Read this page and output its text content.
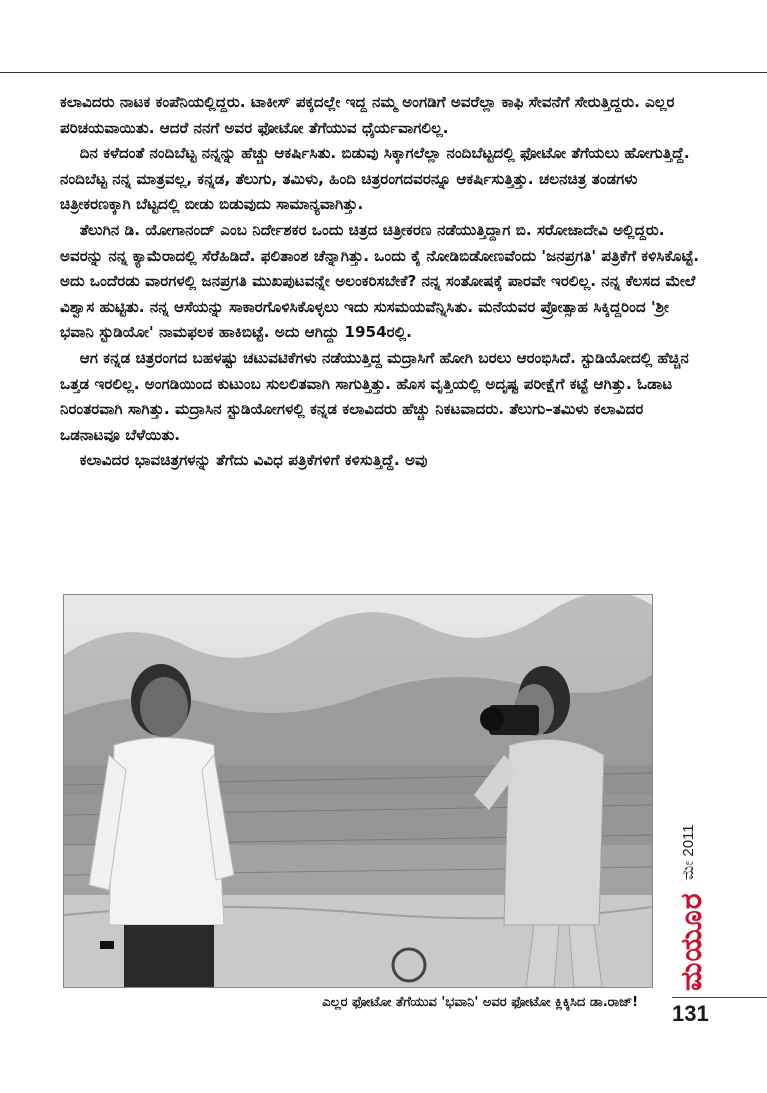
ಕಲಾವಿದರು ನಾಟಕ ಕಂಪೆನಿಯಲ್ಲಿದ್ದರು. ಟಾಕೀಸ್ ಪಕ್ಕದಲ್ಲೇ ಇದ್ದ ನಮ್ಮ ಅಂಗಡಿಗೆ ಅವರೆಲ್ಲಾ ಕಾಫಿ ಸೇವನೆಗೆ ಸೇರುತ್ತಿದ್ದರು. ಎಲ್ಲರ ಪರಿಚಯವಾಯಿತು. ಆದರೆ ನನಗೆ ಅವರ ಫೋಟೋ ತೆಗೆಯುವ ಧೈರ್ಯವಾಗಲಿಲ್ಲ.

ದಿನ ಕಳೆದಂತೆ ನಂದಿಬೆಟ್ಟ ನನ್ನನ್ನು ಹೆಚ್ಚು ಆಕರ್ಷಿಸಿತು. ಬಿಡುವು ಸಿಕ್ಕಾಗಲೆಲ್ಲಾ ನಂದಿಬೆಟ್ಟದಲ್ಲಿ ಫೋಟೋ ತೆಗೆಯಲು ಹೋಗುತ್ತಿದ್ದೆ. ನಂದಿಬೆಟ್ಟ ನನ್ನ ಮಾತ್ರವಲ್ಲ, ಕನ್ನಡ, ತೆಲುಗು, ತಮಿಳು, ಹಿಂದಿ ಚಿತ್ರರಂಗದವರನ್ನೂ ಆಕರ್ಷಿಸುತ್ತಿತ್ತು. ಚಲನಚಿತ್ರ ತಂಡಗಳು ಚಿತ್ರೀಕರಣಕ್ಕಾಗಿ ಬೆಟ್ಟದಲ್ಲಿ ಬೀಡು ಬಿಡುವುದು ಸಾಮಾನ್ಯವಾಗಿತ್ತು.

ತೆಲುಗಿನ ಡಿ. ಯೋಗಾನಂದ್ ಎಂಬ ನಿರ್ದೇಶಕರ ಒಂದು ಚಿತ್ರದ ಚಿತ್ರೀಕರಣ ನಡೆಯುತ್ತಿದ್ದಾಗ ಬಿ. ಸರೋಜಾದೇವಿ ಅಲ್ಲಿದ್ದರು. ಅವರನ್ನು ನನ್ನ ಕ್ಯಾಮೆರಾದಲ್ಲಿ ಸೆರೆಹಿಡಿದೆ. ಫಲಿತಾಂಶ ಚೆನ್ನಾಗಿತ್ತು. ಒಂದು ಕೈ ನೋಡಿಬಿಡೋಣವೆಂದು 'ಜನಪ್ರಗತಿ' ಪತ್ರಿಕೆಗೆ ಕಳಿಸಿಕೊಟ್ಟೆ. ಅದು ಒಂದೆರಡು ವಾರಗಳಲ್ಲಿ ಜನಪ್ರಗತಿ ಮುಖಪುಟವನ್ನೇ ಅಲಂಕರಿಸಬೇಕೆ? ನನ್ನ ಸಂತೋಷಕ್ಕೆ ಪಾರವೇ ಇರಲಿಲ್ಲ. ನನ್ನ ಕೆಲಸದ ಮೇಲೆ ವಿಶ್ವಾಸ ಹುಟ್ಟಿತು. ನನ್ನ ಆಸೆಯನ್ನು ಸಾಕಾರಗೊಳಿಸಿಕೊಳ್ಳಲು ಇದು ಸುಸಮಯವೆನ್ನಿಸಿತು. ಮನೆಯವರ ಪ್ರೋತ್ಸಾಹ ಸಿಕ್ಕಿದ್ದರಿಂದ 'ಶ್ರೀ ಭವಾನಿ ಸ್ಟುಡಿಯೋ' ನಾಮಫಲಕ ಹಾಕಿಬಿಟ್ಟೆ. ಅದು ಆಗಿದ್ದು 1954ರಲ್ಲಿ.

ಆಗ ಕನ್ನಡ ಚಿತ್ರರಂಗದ ಬಹಳಷ್ಟು ಚಟುವಟಿಕೆಗಳು ನಡೆಯುತ್ತಿದ್ದ ಮದ್ರಾಸಿಗೆ ಹೋಗಿ ಬರಲು ಆರಂಭಿಸಿದೆ. ಸ್ಟುಡಿಯೋದಲ್ಲಿ ಹೆಚ್ಚಿನ ಒತ್ತಡ ಇರಲಿಲ್ಲ. ಅಂಗಡಿಯಿಂದ ಕುಟುಂಬ ಸುಲಲಿತವಾಗಿ ಸಾಗುತ್ತಿತ್ತು. ಹೊಸ ವೃತ್ತಿಯಲ್ಲಿ ಅದೃಷ್ಟ ಪರೀಕ್ಷೆಗೆ ಕಟ್ಟೆ ಆಗಿತ್ತು. ಓಡಾಟ ನಿರಂತರವಾಗಿ ಸಾಗಿತ್ತು. ಮದ್ರಾಸಿನ ಸ್ಟುಡಿಯೋಗಳಲ್ಲಿ ಕನ್ನಡ ಕಲಾವಿದರು ಹೆಚ್ಚು ನಿಕಟವಾದರು. ತೆಲುಗು–ತಮಿಳು ಕಲಾವಿದರ ಒಡನಾಟವೂ ಬೆಳೆಯಿತು.

ಕಲಾವಿದರ ಭಾವಚಿತ್ರಗಳನ್ನು ತೆಗೆದು ವಿವಿಧ ಪತ್ರಿಕೆಗಳಿಗೆ ಕಳಿಸುತ್ತಿದ್ದೆ. ಅವು

ಎಲ್ಲರ ಫೋಟೋ ತೆಗೆಯುವ 'ಭವಾನಿ' ಅವರ ಫೋಟೋ ಕ್ಲಿಕ್ಕಿಸಿದ ಡಾ.ರಾಜ್!
ಮೇ 2011
ಮಯೂರ
131
